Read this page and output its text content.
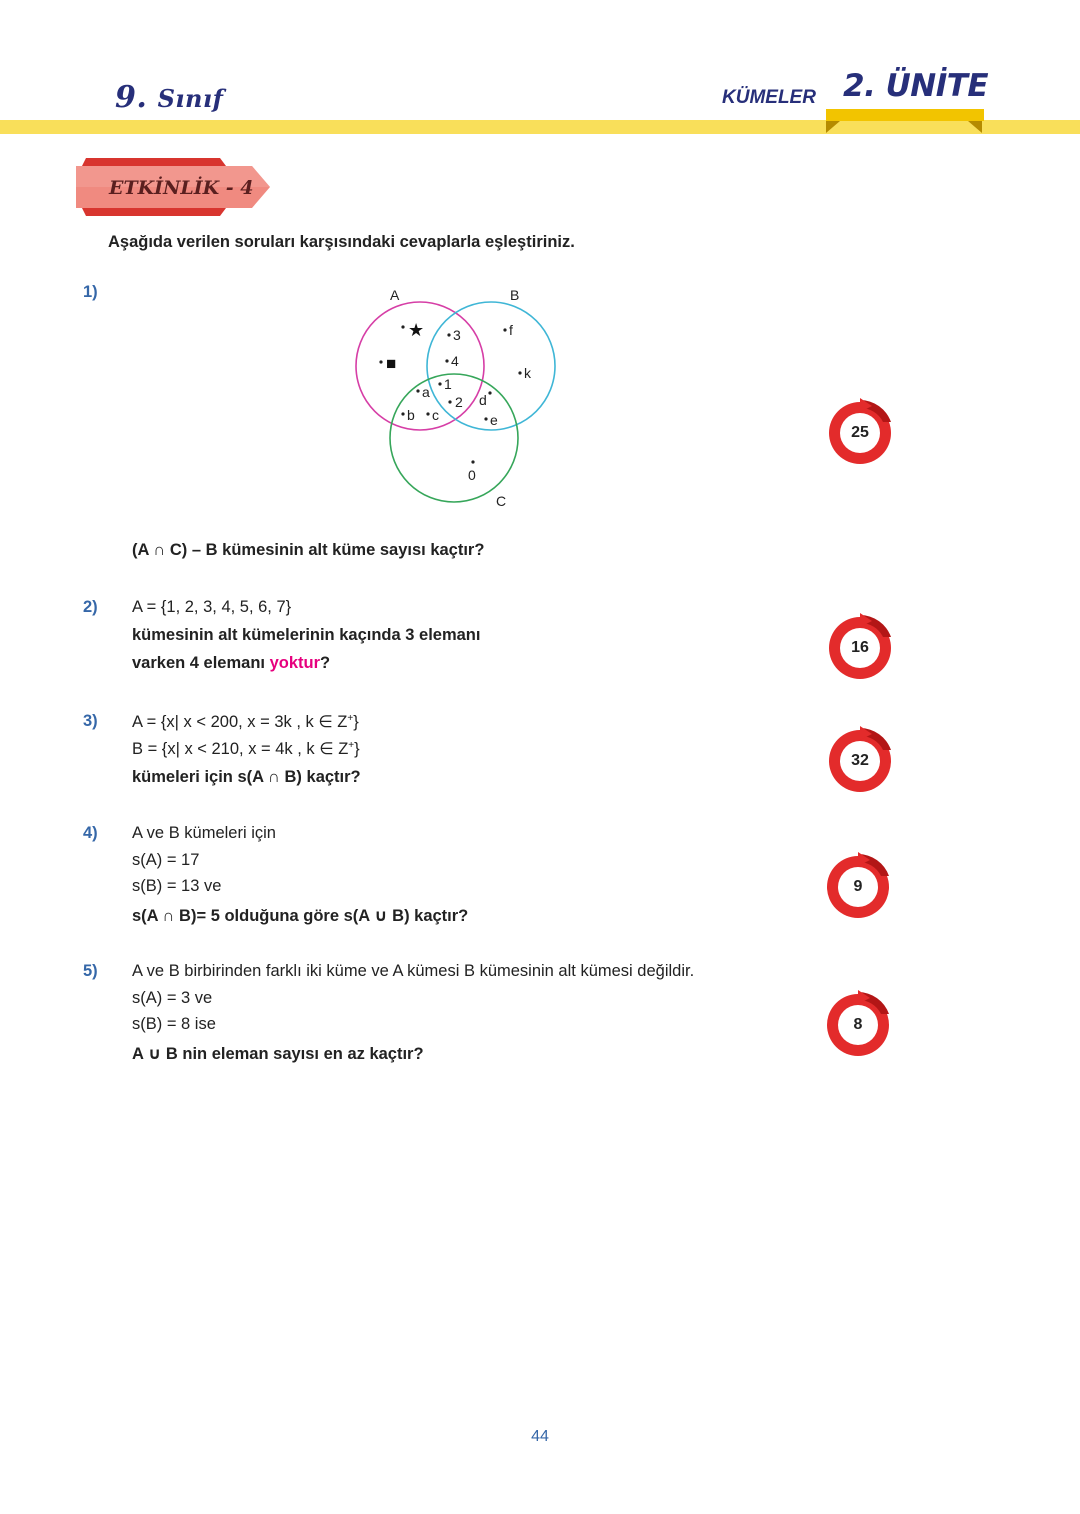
9. Sınıf	KÜMELER 2. ÜNİTE
ETKİNLİK - 4
Aşağıda verilen soruları karşısındaki cevaplarla eşleştiriniz.
1)	A	B
C
★
■
3
4
1
2
a
b c
d
e
f
k
0
(A ∩ C) – B kümesinin alt küme sayısı kaçtır?
2) A = {1, 2, 3, 4, 5, 6, 7}
kümesinin alt kümelerinin kaçında 3 elemanı
varken 4 elemanı yoktur?
3) A = {x| x < 200, x = 3k , k ∈ Z+}
B = {x| x < 210, x = 4k , k ∈ Z+}
kümeleri için s(A ∩ B) kaçtır?
4) A ve B kümeleri için
s(A) = 17
s(B) = 13 ve
s(A ∩ B)= 5 olduğuna göre s(A ∪ B) kaçtır?
5) A ve B birbirinden farklı iki küme ve A kümesi B kümesinin alt kümesi değildir.
s(A) = 3 ve
s(B) = 8 ise
A ∪ B nin eleman sayısı en az kaçtır?
25
16
32
9
8
44
